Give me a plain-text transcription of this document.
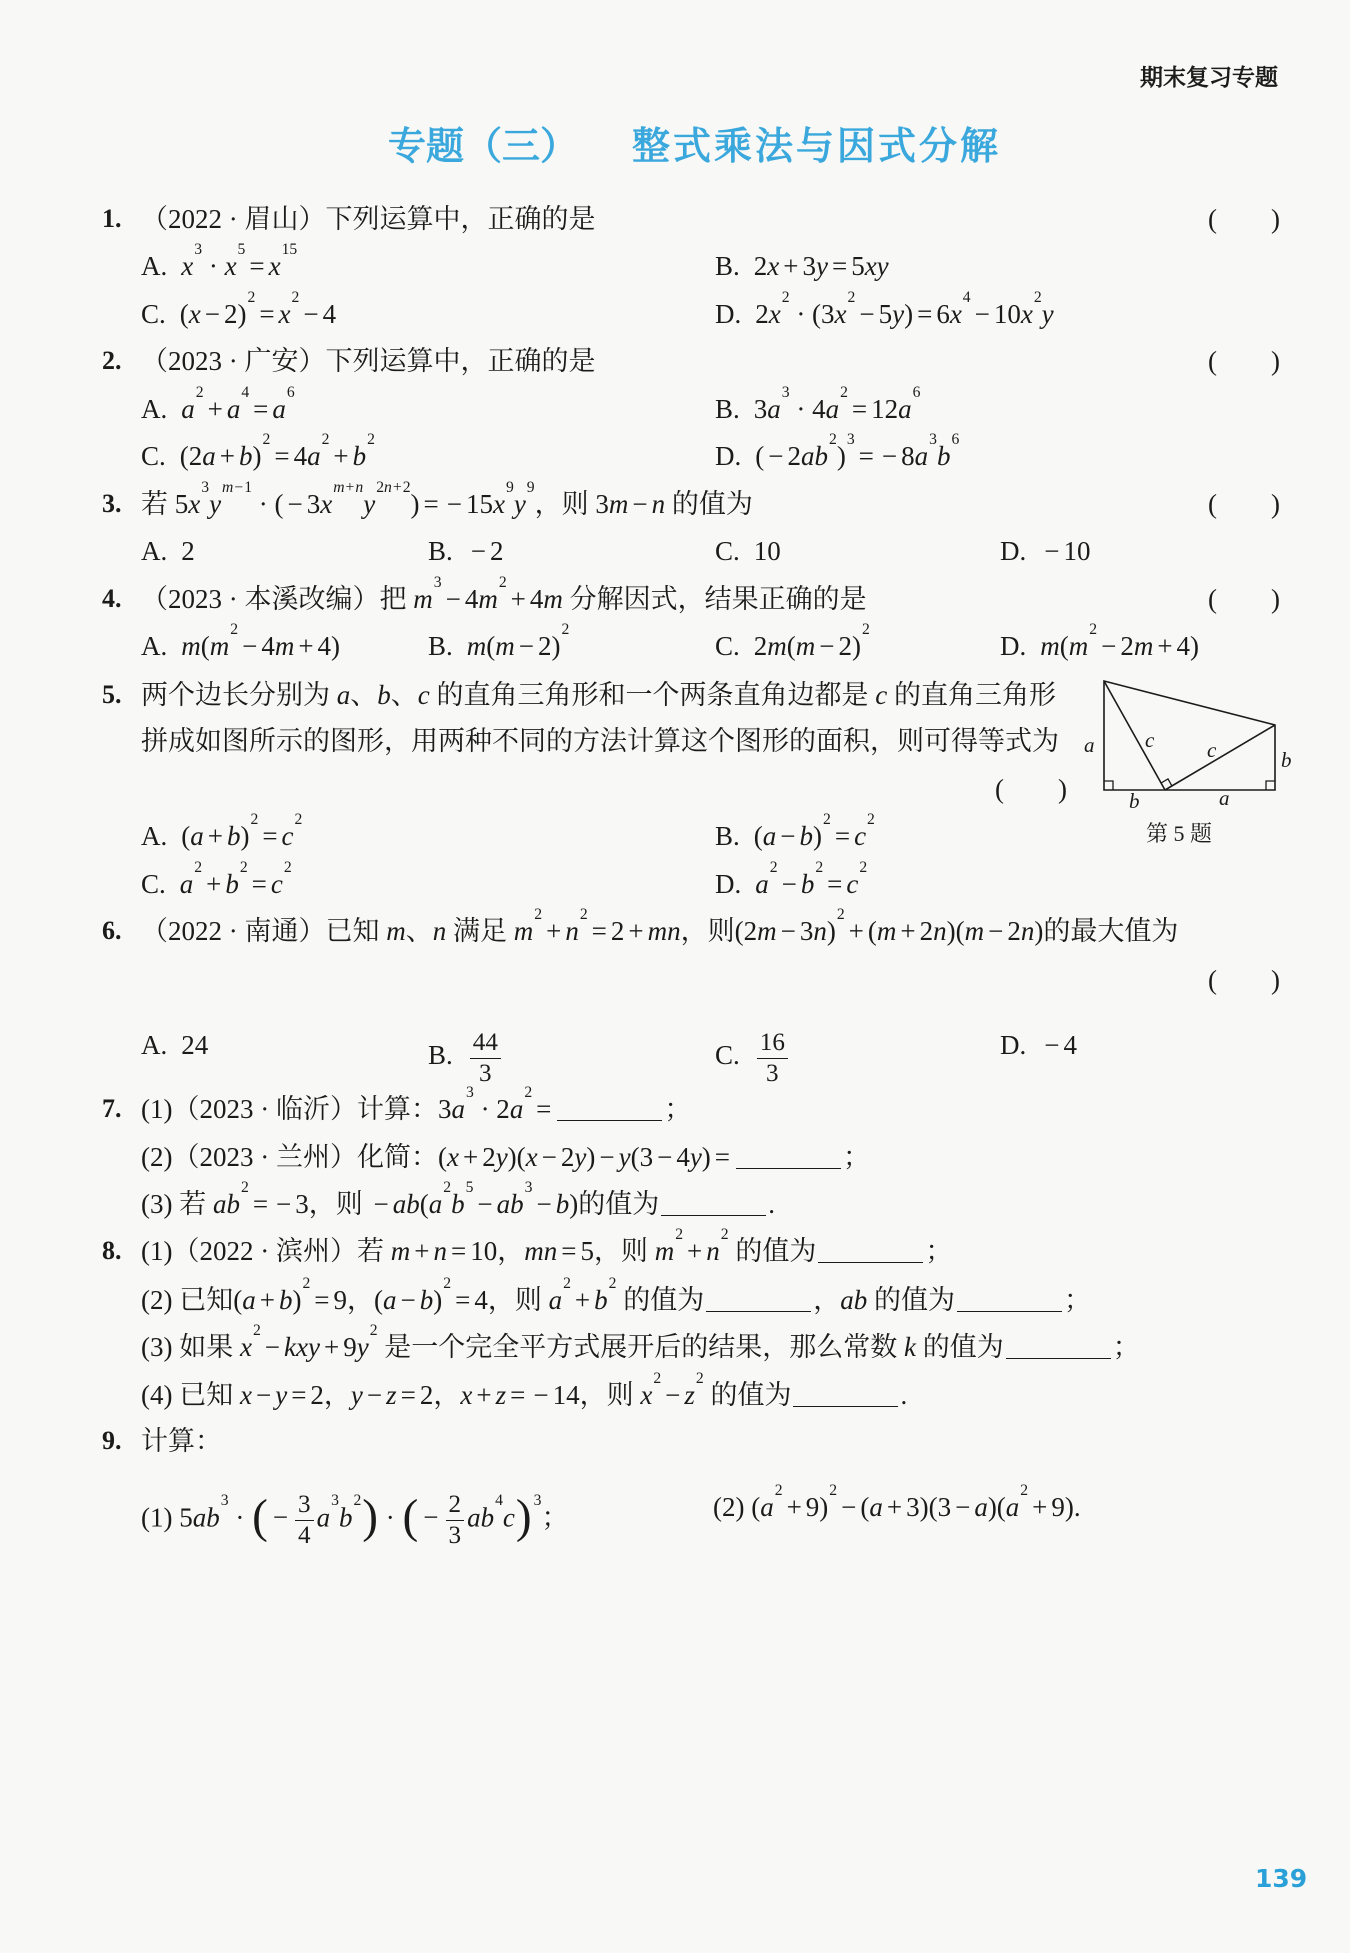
期末复习专题
专题（三） 整式乘法与因式分解
1. （2022 · 眉山）下列运算中，正确的是	(　　)
A. $x^3 \cdot x^5= x^{15}$
B. 2x + 3y = 5xy
C. $(x - 2)^2= x^2- 4$	D. $2x^2 \cdot (3x^2- 5y) = 6x^4- 10x^2y$
2. （2023 · 广安）下列运算中，正确的是	(　　)
A. $a^2+ a^4= a^6$
B. $3a^3 \cdot 4a^2= 12a^6$
C. $(2a + b)^2= 4a^2+ b^2$
D. ( − $2ab^2)^3= - 8a^3b^6$
3. 若 $5x^3y^{m-1}$ · ( − $3x^{m+n}y^{2n+2}$) = − $15x^9y^9$，则 3m − n 的值为	(　　)
A. 2	B. − 2	C. 10	D. − 10
4. （2023 · 本溪改编）把 $m^3- 4m^2+ 4m$ 分解因式，结果正确的是	(　　)
A. $m(m^2- 4m + 4)$	B. $m(m - 2)^2$
C. $2m(m - 2)^2$
D. $m(m^2- 2m + 4)$
5. 两个边长分别为 a、b、c 的直角三角形和一个两条直角边都是 c 的直角三角形
拼成如图所示的图形，用两种不同的方法计算这个图形的面积，则可得等式为
(　　)
a c	c	b
b	a
第 5 题
A. $(a + b)^2= c^2$
B. $(a - b)^2= c^2$
C. $a^2+ b^2= c^2$
D. $a^2- b^2= c^2$
6. （2022 · 南通）已知 m、n 满足 $m^2+ n^2= 2$ + mn，则$(2m - 3n)^2+ (m + 2n)(m - 2n)$的最大值为
(　　)
A. 24	B. $\frac{44}{3}$	C. $\frac{16}{3}$	D. − 4
7. (1)（2023 · 临沂）计算：$3a^3 \cdot 2a^2=$	；
(2)（2023 · 兰州）化简：(x + 2y)(x − 2y) − y(3 − 4y) =	；
(3) 若 $ab^2= - 3$，则 − $ab(a^2b^5- ab^3- b)$的值为	.
8. (1)（2022 · 滨州）若 m + n = 10，mn = 5，则 $m^2+ n^2$ 的值为	；
(2) 已知$(a + b)^2= 9$，$(a - b)^2= 4$，则 $a^2+ b^2$ 的值为	，ab 的值为	；
(3) 如果 $x^2-$ kxy + $9y^2$ 是一个完全平方式展开后的结果，那么常数 k 的值为	；
(4) 已知 x − y = 2，y − z = 2，x + z = − 14，则 $x^2- z^2$ 的值为	.
9. 计算：
(1) $5ab^3$ · ( − $\frac{3}{4} a^3b^2$) · ( − $\frac{2}{3} ab^4c$) $^3$；	(2) $(a^2+ 9)^2- (a + 3)(3 - a)(a^2+ 9)$.
139
